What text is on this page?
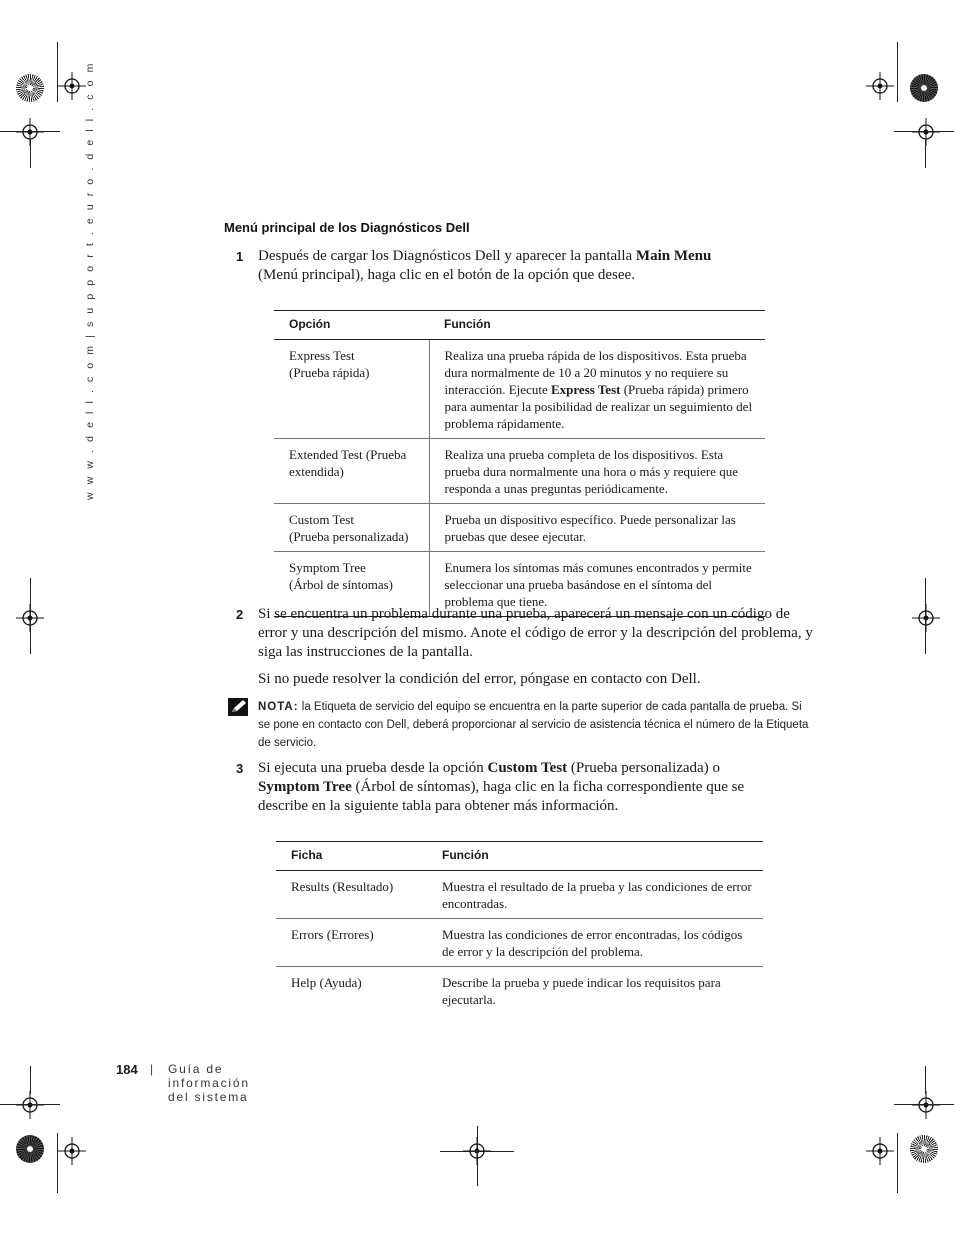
w w w . d e l l . c o m | s u p p o r t . e u r o . d e l l . c o m	Menú principal de los Diagnósticos Dell
1 Después de cargar los Diagnósticos Dell y aparecer la pantalla Main Menu
(Menú principal), haga clic en el botón de la opción que desee.
Opción	Función
Express Test
(Prueba rápida)	Realiza una prueba rápida de los dispositivos. Esta prueba dura normalmente de 10 a 20 minutos y no requiere su interacción. Ejecute Express Test (Prueba rápida) primero para aumentar la posibilidad de realizar un seguimiento del problema rápidamente.
Extended Test (Prueba
extendida)	Realiza una prueba completa de los dispositivos. Esta prueba dura normalmente una hora o más y requiere que responda a unas preguntas periódicamente.
Custom Test
(Prueba personalizada)	Prueba un dispositivo específico. Puede personalizar las pruebas que desee ejecutar.
Symptom Tree
(Árbol de síntomas)	Enumera los síntomas más comunes encontrados y permite seleccionar una prueba basándose en el síntoma del problema que tiene.
2 Si se encuentra un problema durante una prueba, aparecerá un mensaje con un código de error y una descripción del mismo. Anote el código de error y la descripción del problema, y siga las instrucciones de la pantalla.
Si no puede resolver la condición del error, póngase en contacto con Dell.
NOTA: la Etiqueta de servicio del equipo se encuentra en la parte superior de cada pantalla de prueba. Si se pone en contacto con Dell, deberá proporcionar al servicio de asistencia técnica el número de la Etiqueta de servicio.
3 Si ejecuta una prueba desde la opción Custom Test (Prueba personalizada) o Symptom Tree (Árbol de síntomas), haga clic en la ficha correspondiente que se describe en la siguiente tabla para obtener más información.
Ficha	Función
Results (Resultado)	Muestra el resultado de la prueba y las condiciones de error encontradas.
Errors (Errores)	Muestra las condiciones de error encontradas, los códigos de error y la descripción del problema.
Help (Ayuda)	Describe la prueba y puede indicar los requisitos para ejecutarla.
184 | Guía de información del sistema
